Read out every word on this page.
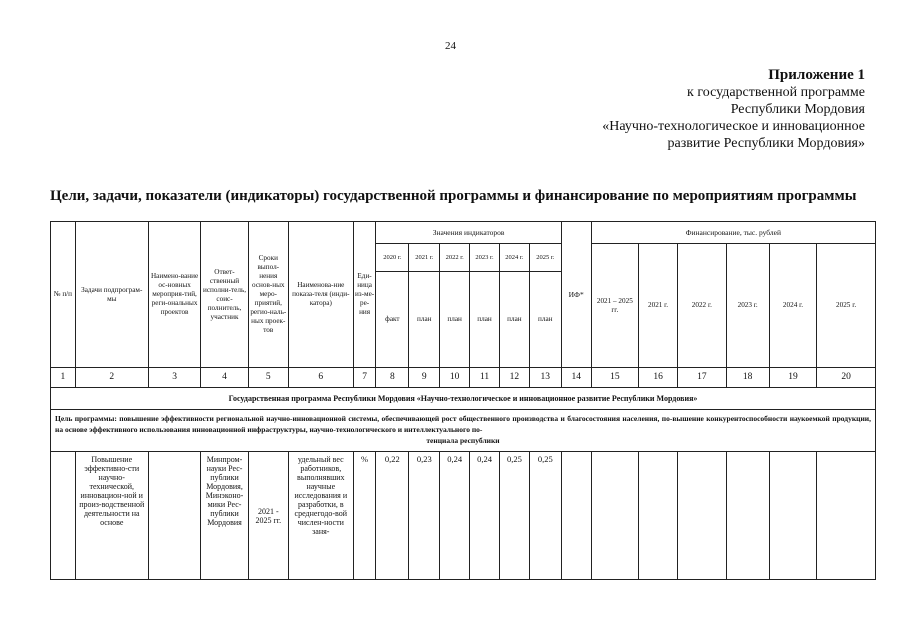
24
Приложение 1
к государственной программе
Республики Мордовия
«Научно-технологическое и инновационное
развитие Республики Мордовия»
Цели, задачи, показатели (индикаторы) государственной программы и финансирование по мероприятиям программы
№ п/п	Задачи подпрограм-мы	Наимено-вание ос-новных мероприя-тий, реги-ональных проектов	Ответ-ственный исполни-тель, соис-полнитель, участник	Сроки выпол-нения основ-ных меро-приятий, регио-наль-ных проек-тов	Наименова-ние показа-теля (инди-катора)	Еди-ница из-ме-ре-ния	Значения индикаторов						ИФ*	Финансирование, тыс. рублей					
							2020 г.	2021 г.	2022 г.	2023 г.	2024 г.	2025 г.		2021 – 2025 гг.	2021 г.	2022 г.	2023 г.	2024 г.	2025 г.
							факт	план	план	план	план	план							
1	2	3	4	5	6	7	8	9	10	11	12	13	14	15	16	17	18	19	20
Государственная программа Республики Мордовия «Научно-технологическое и инновационное развитие Республики Мордовия»																			
Цель программы: повышение эффективности региональной научно-инновационной системы, обеспечивающей рост общественного производства и благосостояния населения, по-вышение конкурентоспособности наукоемкой продукции, на основе эффективного использования инновационной инфраструктуры, научно-технологического и интеллектуального по-
тенциала республики																			

	Повышение эффективно-сти научно-технической, инновацион-ной и произ-водственной деятельности на основе		Минпром-науки Рес-публики Мордовия, Минэконо-мики Рес-публики Мордовия	2021 - 2025 гг.	удельный вес работников, выполнявших научные исследования и разработки, в среднегодо-вой числен-ности заня-	%	0,22	0,23	0,24	0,24	0,25	0,25							
